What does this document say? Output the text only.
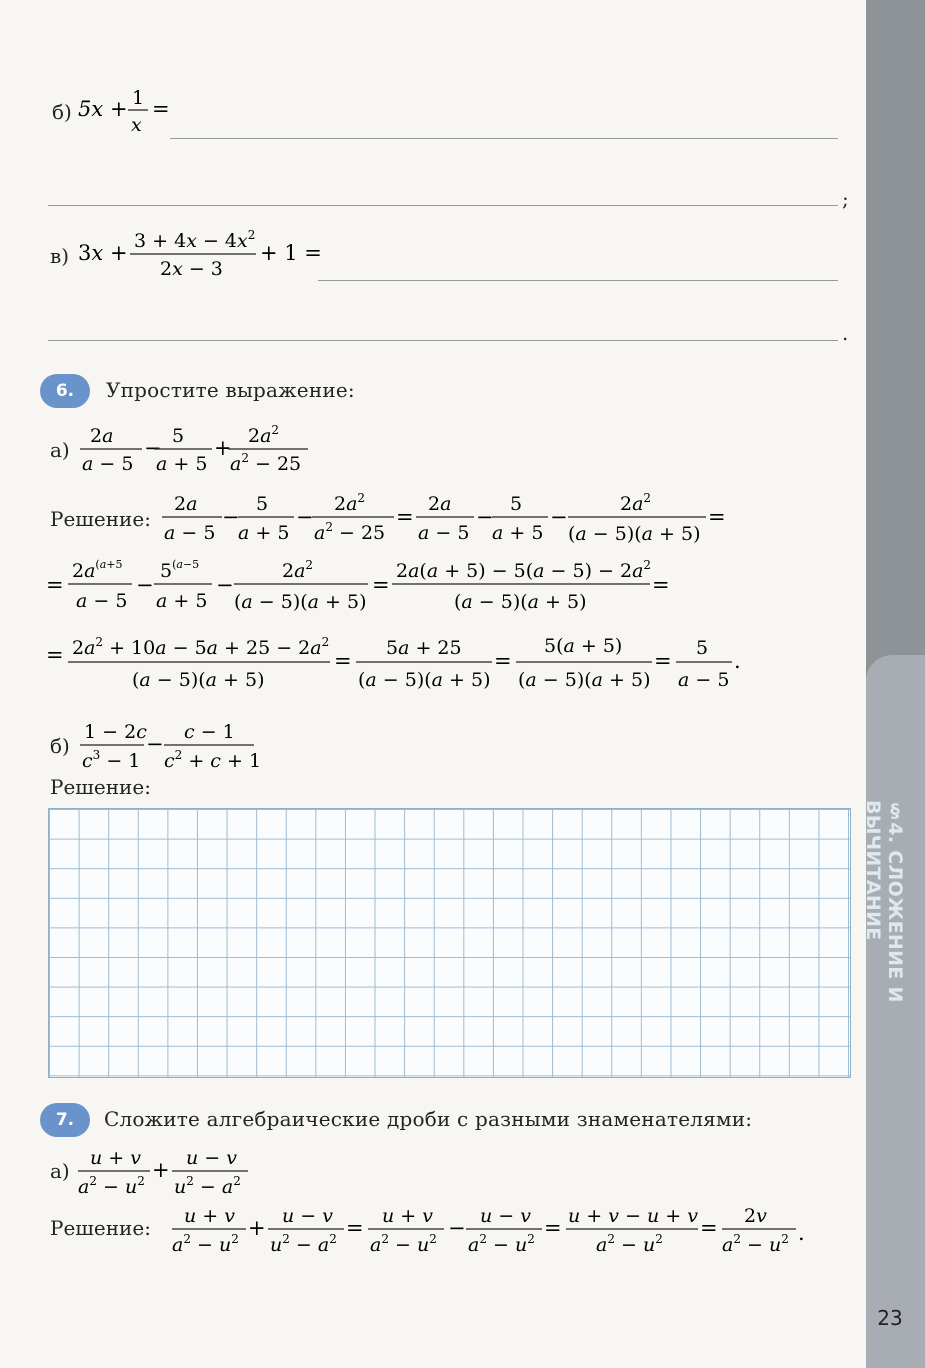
§4. СЛОЖЕНИЕ И ВЫЧИТАНИЕ
23
б) 5x + 1
x
=
;
в) $3x + 3 + 4x - 4x^2$
2x − 3
+ 1 =
.
6.	Упростите выражение:
а)
2a
a − 5
− 5
a + 5
+ $2a^2$
$a^2 - 25$
Решение:
2a
a − 5
−
5
a + 5
−
$2a^2$
$a^2 - 25$
=
2a
a − 5
−
5
a + 5
−
$2a^2$
(a − 5)(a + 5)
=
=
$2a^{(a+5}$
a − 5
−
$5^{(a-5}$
a + 5
−
$2a^2$
(a − 5)(a + 5)
=
$2a(a + 5) - 5(a - 5) - 2a^2$
(a − 5)(a + 5)
=
= $2a^2 + 10a - 5a + 25 - 2a^2$
(a − 5)(a + 5)
=
5a + 25
(a − 5)(a + 5)
=
5(a + 5)
(a − 5)(a + 5)
=
5
a − 5
.
б)
1 − 2c
$c^3 - 1$
− c − 1
$c^2 + c + 1$
Решение:
7.	Сложите алгебраические дроби с разными знаменателями:
а)
u + v
$a^2 - u^2 + u - v$
$u^2 - a^2$
Решение: u + v
$a^2 - u^2 + u - v$
$u^2 - a^2 = u + v$
$a^2 - u^2 - u - v$
$a^2 - u^2 = u + v - u + v$
$a^2 - u^2 = 2v$
$a^2 - u^2$ .
